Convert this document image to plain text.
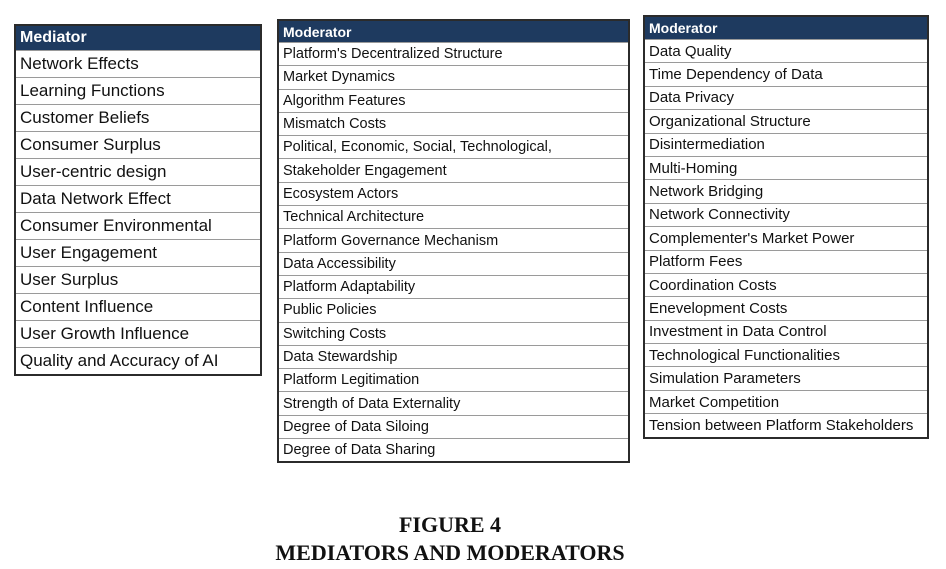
Mediator
Network Effects
Learning Functions
Customer Beliefs
Consumer Surplus
User-centric design
Data Network Effect
Consumer Environmental
User Engagement
User Surplus
Content Influence
User Growth Influence
Quality and Accuracy of AI
Moderator
Platform's Decentralized Structure
Market Dynamics
Algorithm Features
Mismatch Costs
Political, Economic, Social, Technological,
Stakeholder Engagement
Ecosystem Actors
Technical Architecture
Platform Governance Mechanism
Data Accessibility
Platform Adaptability
Public Policies
Switching Costs
Data Stewardship
Platform Legitimation
Strength of Data Externality
Degree of Data Siloing
Degree of Data Sharing
Moderator
Data Quality
Time Dependency of Data
Data Privacy
Organizational Structure
Disintermediation
Multi-Homing
Network Bridging
Network Connectivity
Complementer's Market Power
Platform Fees
Coordination Costs
Enevelopment Costs
Investment in Data Control
Technological Functionalities
Simulation Parameters
Market Competition
Tension between Platform Stakeholders
FIGURE 4
MEDIATORS AND MODERATORS
